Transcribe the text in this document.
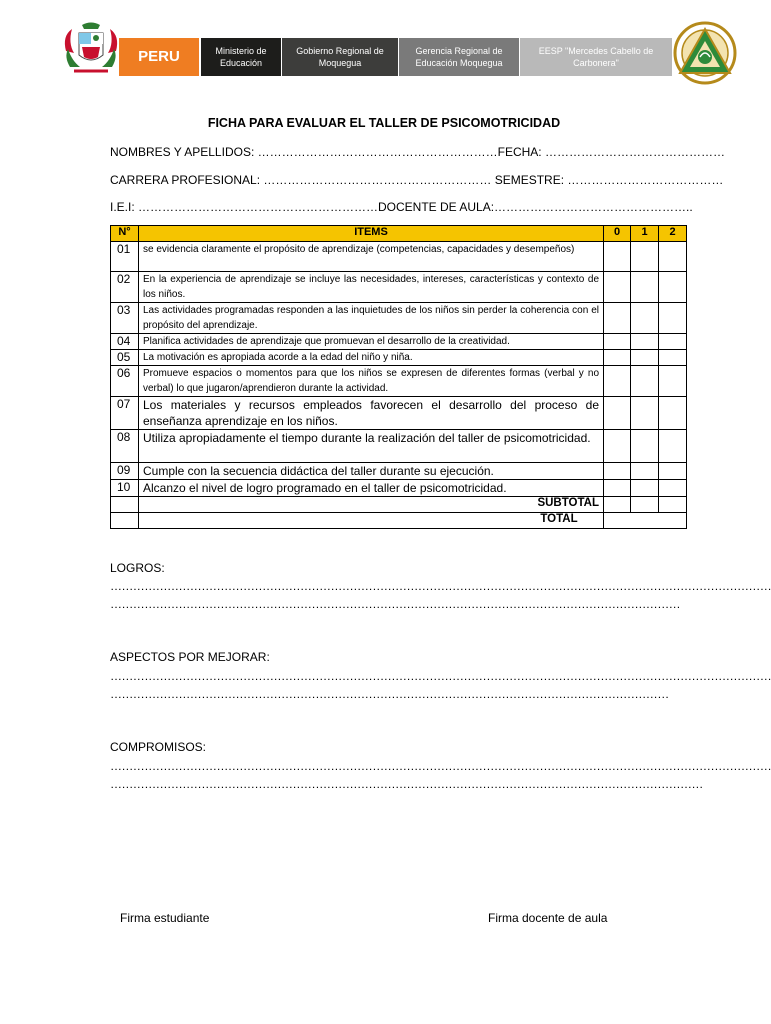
PERU	Ministerio de Educación
Gobierno Regional de Moquegua
Gerencia Regional de Educación Moquegua
EESP "Mercedes Cabello de Carbonera"
FICHA PARA EVALUAR EL TALLER DE PSICOMOTRICIDAD
NOMBRES Y APELLIDOS: ……………………………………………………FECHA: ………………………………………
CARRERA PROFESIONAL: ………………………………………………… SEMESTRE: …………………………………
I.E.I: ……………………………………………………DOCENTE DE AULA:…………………………………………..
N°	ITEMS	0	1	2
01	se evidencia claramente el propósito de aprendizaje (competencias, capacidades y desempeños)			
02	En la experiencia de aprendizaje se incluye las necesidades, intereses, características y contexto de los niños.			
03	Las actividades programadas responden a las inquietudes de los niños sin perder la coherencia con el propósito del aprendizaje.			
04	Planifica actividades de aprendizaje que promuevan el desarrollo de la creatividad.			
05	La motivación es apropiada acorde a la edad del niño y niña.			
06	Promueve espacios o momentos para que los niños se expresen de diferentes formas (verbal y no verbal) lo que jugaron/aprendieron durante la actividad.			
07	Los materiales y recursos empleados favorecen el desarrollo del proceso de enseñanza aprendizaje en los niños.			
08	Utiliza apropiadamente el tiempo durante la realización del taller de psicomotricidad.			
09	Cumple con la secuencia didáctica del taller durante su ejecución.			
10	Alcanzo el nivel de logro programado en el taller de psicomotricidad.			
	SUBTOTAL			
	TOTAL			
LOGROS:
…………………………………………………………………………………………………………………………………………………………
……………………………………………………………………………………………………………………………………
ASPECTOS POR MEJORAR:
…………………………………………………………………………………………………………………………………………………………
…………………………………………………………………………………………………………………………………
COMPROMISOS:
…………………………………………………………………………………………………………………………………………………………
…………………………………………………………………………………………………………………………………………
Firma estudiante	Firma docente de aula
